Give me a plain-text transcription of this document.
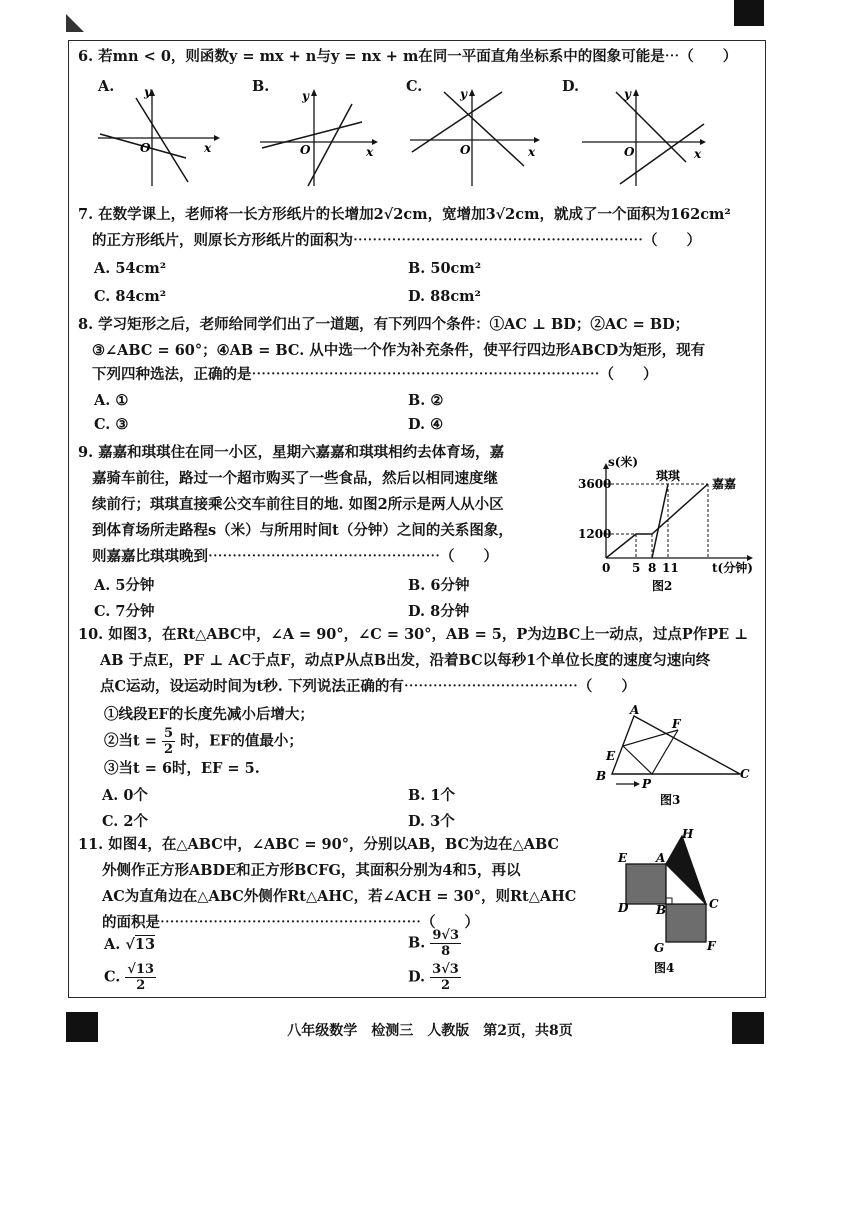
6. 若mn < 0，则函数y = mx + n与y = nx + m在同一平面直角坐标系中的图象可能是⋯（　　）
A.	B.	C.	D.
y
x
O
y
x
O
y
x
O
y
x
O
7. 在数学课上，老师将一长方形纸片的长增加2√2cm，宽增加3√2cm，就成了一个面积为162cm²
的正方形纸片，则原长方形纸片的面积为⋯⋯⋯⋯⋯⋯⋯⋯⋯⋯⋯⋯⋯⋯⋯⋯⋯⋯⋯⋯（　　）
A. 54cm²	B. 50cm²
C. 84cm²	D. 88cm²
8. 学习矩形之后，老师给同学们出了一道题，有下列四个条件：①AC ⊥ BD；②AC = BD；
③∠ABC = 60°；④AB = BC. 从中选一个作为补充条件，使平行四边形ABCD为矩形，现有
下列四种选法，正确的是⋯⋯⋯⋯⋯⋯⋯⋯⋯⋯⋯⋯⋯⋯⋯⋯⋯⋯⋯⋯⋯⋯⋯⋯（　　）
A. ①	B. ②
C. ③	D. ④
9. 嘉嘉和琪琪住在同一小区，星期六嘉嘉和琪琪相约去体育场，嘉
嘉骑车前往，路过一个超市购买了一些食品，然后以相同速度继
续前行；琪琪直接乘公交车前往目的地. 如图2所示是两人从小区
到体育场所走路程s（米）与所用时间t（分钟）之间的关系图象，
则嘉嘉比琪琪晚到⋯⋯⋯⋯⋯⋯⋯⋯⋯⋯⋯⋯⋯⋯⋯⋯（　　）
A. 5分钟	B. 6分钟
C. 7分钟	D. 8分钟
s(米)
3600
1200
0 5 8 11	t(分钟)
琪琪
嘉嘉
图2
10. 如图3，在Rt△ABC中，∠A = 90°，∠C = 30°，AB = 5，P为边BC上一动点，过点P作PE ⊥
AB 于点E，PF ⊥ AC于点F，动点P从点B出发，沿着BC以每秒1个单位长度的速度匀速向终
点C运动，设运动时间为t秒. 下列说法正确的有⋯⋯⋯⋯⋯⋯⋯⋯⋯⋯⋯⋯（　　）
①线段EF的长度先减小后增大；
②当$t = \frac{5}{2}$ 时，EF的值最小；
③当t = 6时，EF = 5.
A. 0个	B. 1个
C. 2个	D. 3个
A
F
E
B
P
C
图3
11. 如图4，在△ABC中，∠ABC = 90°，分别以AB，BC为边在△ABC
外侧作正方形ABDE和正方形BCFG，其面积分别为4和5，再以
AC为直角边在△ABC外侧作Rt△AHC，若∠ACH = 30°，则Rt△AHC
的面积是⋯⋯⋯⋯⋯⋯⋯⋯⋯⋯⋯⋯⋯⋯⋯⋯⋯⋯（　　）
A. √13	B. $\frac{9√3}{8}$
C. $\frac{√13}{2}$	D. $\frac{3√3}{2}$
H
E A
D B	C
G	F
图4
八年级数学　检测三　人教版　第2页，共8页
